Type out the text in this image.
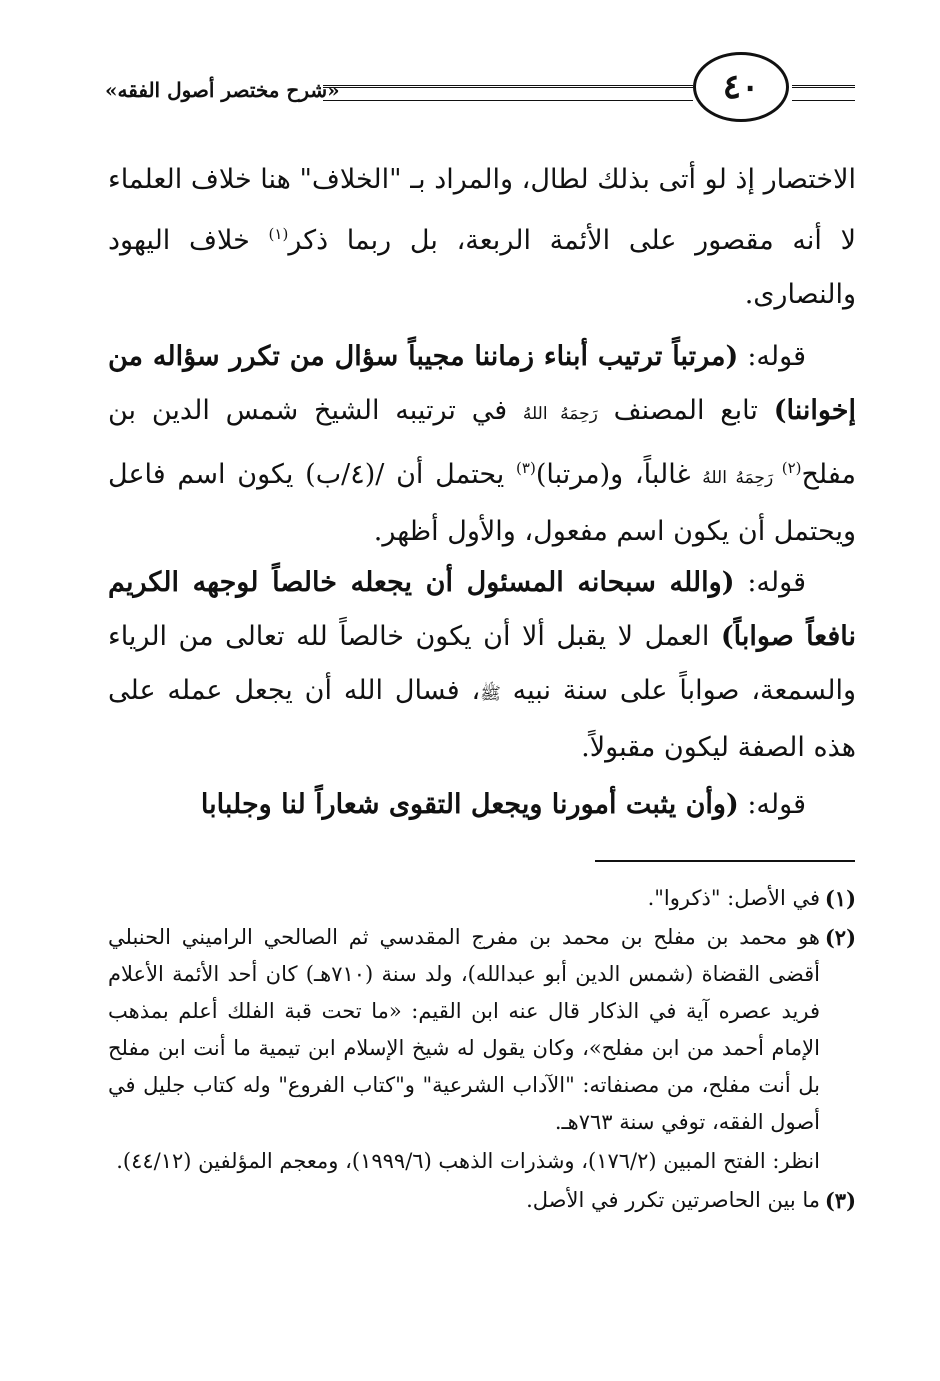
«شرح مختصر أصول الفقه»	٤٠

الاختصار إذ لو أتى بذلك لطال، والمراد بـ "الخلاف" هنا خلاف العلماء لا أنه مقصور على الأئمة الربعة، بل ربما ذكر$^{(١)}$ خلاف اليهود والنصارى.

قوله: (مرتباً ترتيب أبناء زماننا مجيباً سؤال من تكرر سؤاله من إخواننا) تابع المصنف رَحِمَهُ اللهُ في ترتيبه الشيخ شمس الدين بن مفلح$^{(٢)}$ رَحِمَهُ اللهُ غالباً، و(مرتبا)$^{(٣)}$ يحتمل أن /(٤/ب) يكون اسم فاعل ويحتمل أن يكون اسم مفعول، والأول أظهر.

قوله: (والله سبحانه المسئول أن يجعله خالصاً لوجهه الكريم نافعاً صواباً) العمل لا يقبل ألا أن يكون خالصاً لله تعالى من الرياء والسمعة، صواباً على سنة نبيه ﷺ، فسال الله أن يجعل عمله على هذه الصفة ليكون مقبولاً.

قوله: (وأن يثبت أمورنا ويجعل التقوى شعاراً لنا وجلبابا

(١)
في الأصل: "ذكروا".

(٢)
هو محمد بن مفلح بن محمد بن مفرج المقدسي ثم الصالحي الراميني الحنبلي أقضى القضاة (شمس الدين أبو عبدالله)، ولد سنة (٧١٠هـ) كان أحد الأئمة الأعلام فريد عصره آية في الذكار قال عنه ابن القيم: «ما تحت قبة الفلك أعلم بمذهب الإمام أحمد من ابن مفلح»، وكان يقول له شيخ الإسلام ابن تيمية ما أنت ابن مفلح بل أنت مفلح، من مصنفاته: "الآداب الشرعية" و"كتاب الفروع" وله كتاب جليل في أصول الفقه، توفي سنة ٧٦٣هـ.

انظر: الفتح المبين (١٧٦/٢)، وشذرات الذهب (١٩٩٩/٦)، ومعجم المؤلفين (٤٤/١٢).

(٣)
ما بين الحاصرتين تكرر في الأصل.
